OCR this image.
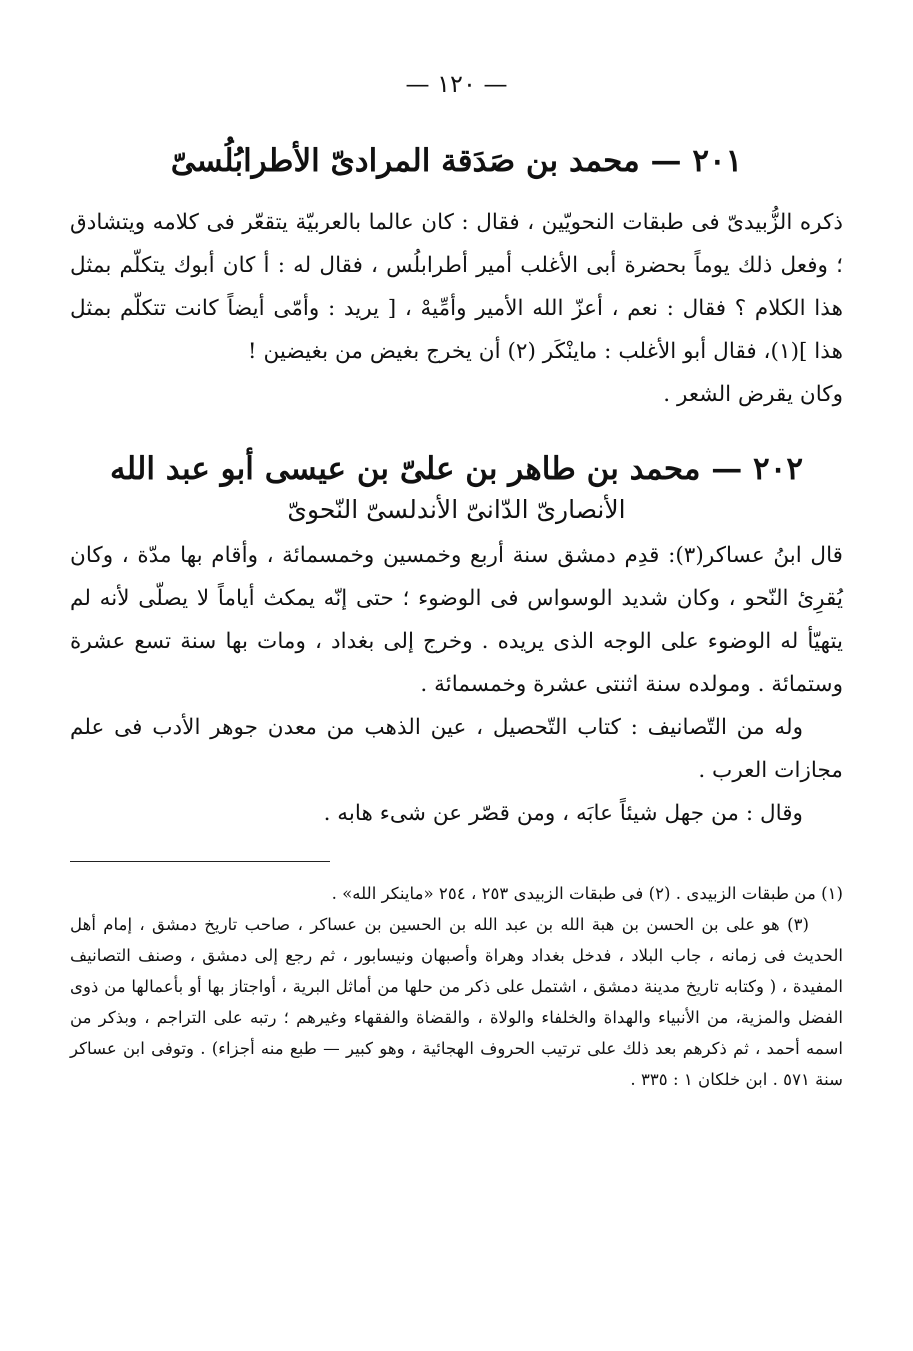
— ١٢٠ —
٢٠١ — محمد بن صَدَقة المرادىّ الأطرابُلُسىّ

ذكره الزُّبيدىّ فى طبقات النحويّين ، فقال : كان عالما بالعربيّة يتقعّر فى كلامه ويتشادق ؛ وفعل ذلك يوماً بحضرة أبى الأغلب أمير أطرابلُس ، فقال له : أ كان أبوك يتكلّم بمثل هذا الكلام ؟ فقال : نعم ، أعزّ الله الأمير وأمِّيهْ ، [ يريد : وأمّى أيضاً كانت تتكلّم بمثل هذا ](١)، فقال أبو الأغلب : ماينْكَر (٢) أن يخرج بغيض من بغيضين !

وكان يقرض الشعر .

٢٠٢ — محمد بن طاهر بن علىّ بن عيسى أبو عبد الله
الأنصارىّ الدّانىّ الأندلسىّ النّحوىّ

قال ابنُ عساكر(٣): قدِم دمشق سنة أربع وخمسين وخمسمائة ، وأقام بها مدّة ، وكان يُقرِئ النّحو ، وكان شديد الوسواس فى الوضوء ؛ حتى إنّه يمكث أياماً لا يصلّى لأنه لم يتهيّأ له الوضوء على الوجه الذى يريده . وخرج إلى بغداد ، ومات بها سنة تسع عشرة وستمائة . ومولده سنة اثنتى عشرة وخمسمائة .

وله من التّصانيف : كتاب التّحصيل ، عين الذهب من معدن جوهر الأدب فى علم مجازات العرب .

وقال : من جهل شيئاً عابَه ، ومن قصّر عن شىء هابه .

(١) من طبقات الزبيدى . (٢) فى طبقات الزبيدى ٢٥٣ ، ٢٥٤ «ماينكر الله» .

(٣) هو على بن الحسن بن هبة الله بن عبد الله بن الحسين بن عساكر ، صاحب تاريخ دمشق ، إمام أهل الحديث فى زمانه ، جاب البلاد ، فدخل بغداد وهراة وأصبهان ونيسابور ، ثم رجع إلى دمشق ، وصنف التصانيف المفيدة ، ( وكتابه تاريخ مدينة دمشق ، اشتمل على ذكر من حلها من أماثل البرية ، أواجتاز بها أو بأعمالها من ذوى الفضل والمزية، من الأنبياء والهداة والخلفاء والولاة ، والقضاة والفقهاء وغيرهم ؛ رتبه على التراجم ، وبذكر من اسمه أحمد ، ثم ذكرهم بعد ذلك على ترتيب الحروف الهجائية ، وهو كبير — طبع منه أجزاء) . وتوفى ابن عساكر سنة ٥٧١ . ابن خلكان ١ : ٣٣٥ .
